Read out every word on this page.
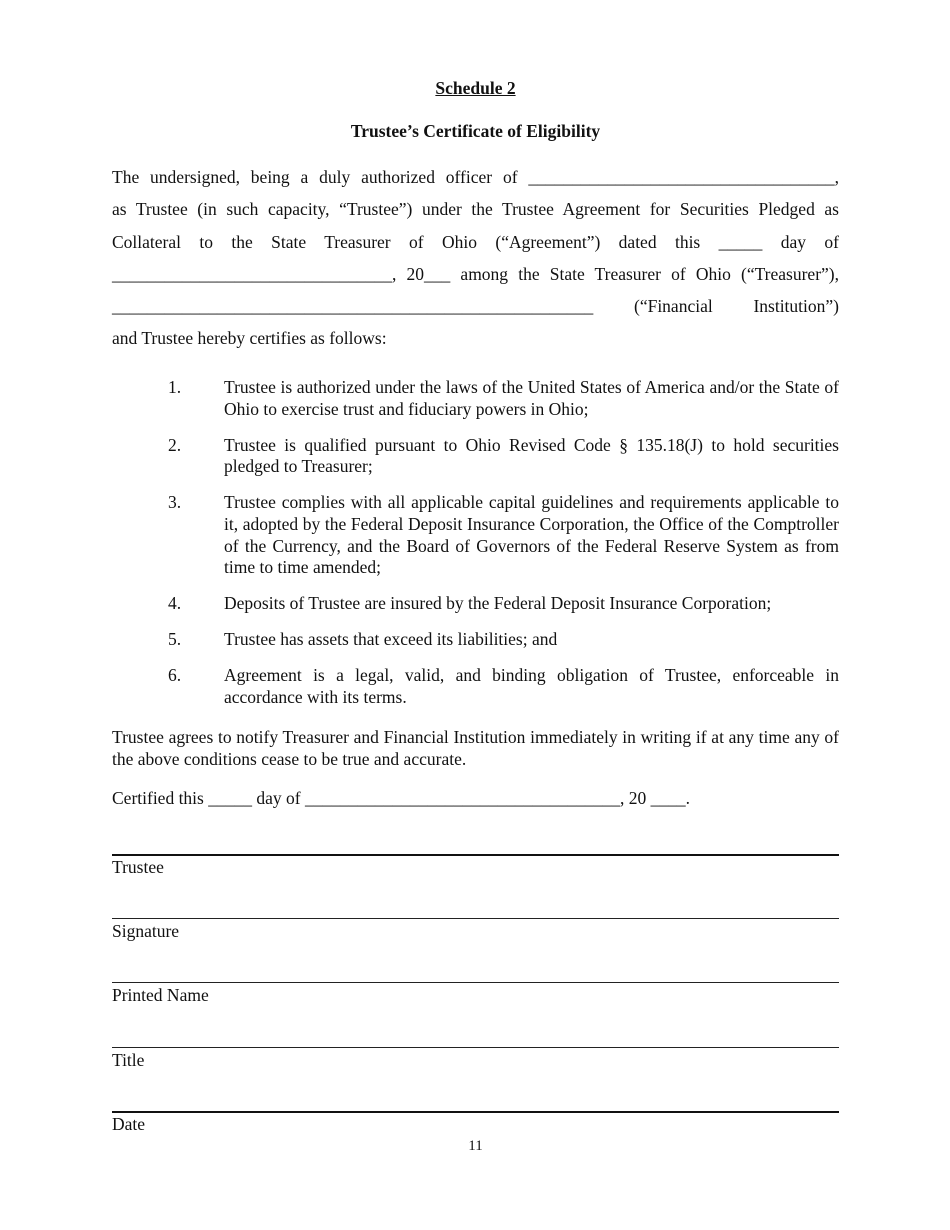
Schedule 2
Trustee’s Certificate of Eligibility
The undersigned, being a duly authorized officer of ___________________________________,
as Trustee (in such capacity, “Trustee”) under the Trustee Agreement for Securities Pledged as
Collateral to the State Treasurer of Ohio (“Agreement”) dated this _____ day of
________________________________, 20___ among the State Treasurer of Ohio (“Treasurer”),
_______________________________________________________ (“Financial Institution”)
and Trustee hereby certifies as follows:
1. Trustee is authorized under the laws of the United States of America and/or the State of Ohio to exercise trust and fiduciary powers in Ohio;
2. Trustee is qualified pursuant to Ohio Revised Code § 135.18(J) to hold securities pledged to Treasurer;
3. Trustee complies with all applicable capital guidelines and requirements applicable to it, adopted by the Federal Deposit Insurance Corporation, the Office of the Comptroller of the Currency, and the Board of Governors of the Federal Reserve System as from time to time amended;
4. Deposits of Trustee are insured by the Federal Deposit Insurance Corporation;
5. Trustee has assets that exceed its liabilities; and
6. Agreement is a legal, valid, and binding obligation of Trustee, enforceable in accordance with its terms.
Trustee agrees to notify Treasurer and Financial Institution immediately in writing if at any time any of the above conditions cease to be true and accurate.
Certified this _____ day of ____________________________________, 20 ____.
Trustee
Signature
Printed Name
Title
Date
11
